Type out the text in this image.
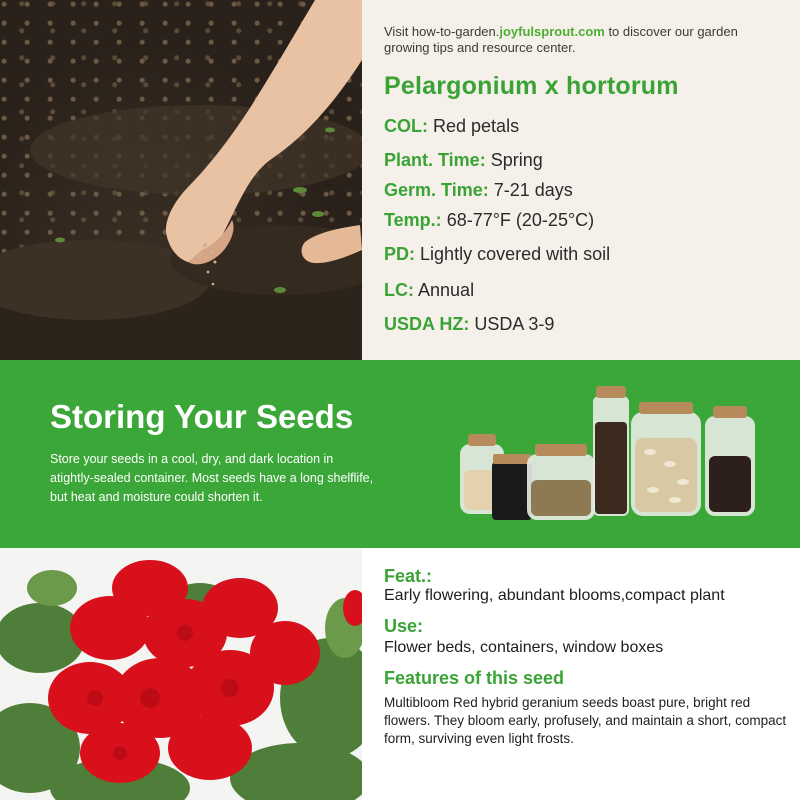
Visit how-to-garden.joyfulsprout.com to discover our garden growing tips and resource center.
Pelargonium x hortorum
COL: Red petals
Plant. Time: Spring
Germ. Time: 7-21 days
Temp.: 68-77°F (20-25°C)
PD: Lightly covered with soil
LC: Annual
USDA HZ: USDA 3-9
Storing Your Seeds
Store your seeds in a cool, dry, and dark location in atightly-sealed container. Most seeds have a long shelflife, but heat and moisture could shorten it.
Feat.:
Early flowering, abundant blooms,compact plant
Use:
Flower beds, containers, window boxes
Features of this seed
Multibloom Red hybrid geranium seeds boast pure, bright red flowers. They bloom early, profusely, and maintain a short, compact form, surviving even light frosts.
